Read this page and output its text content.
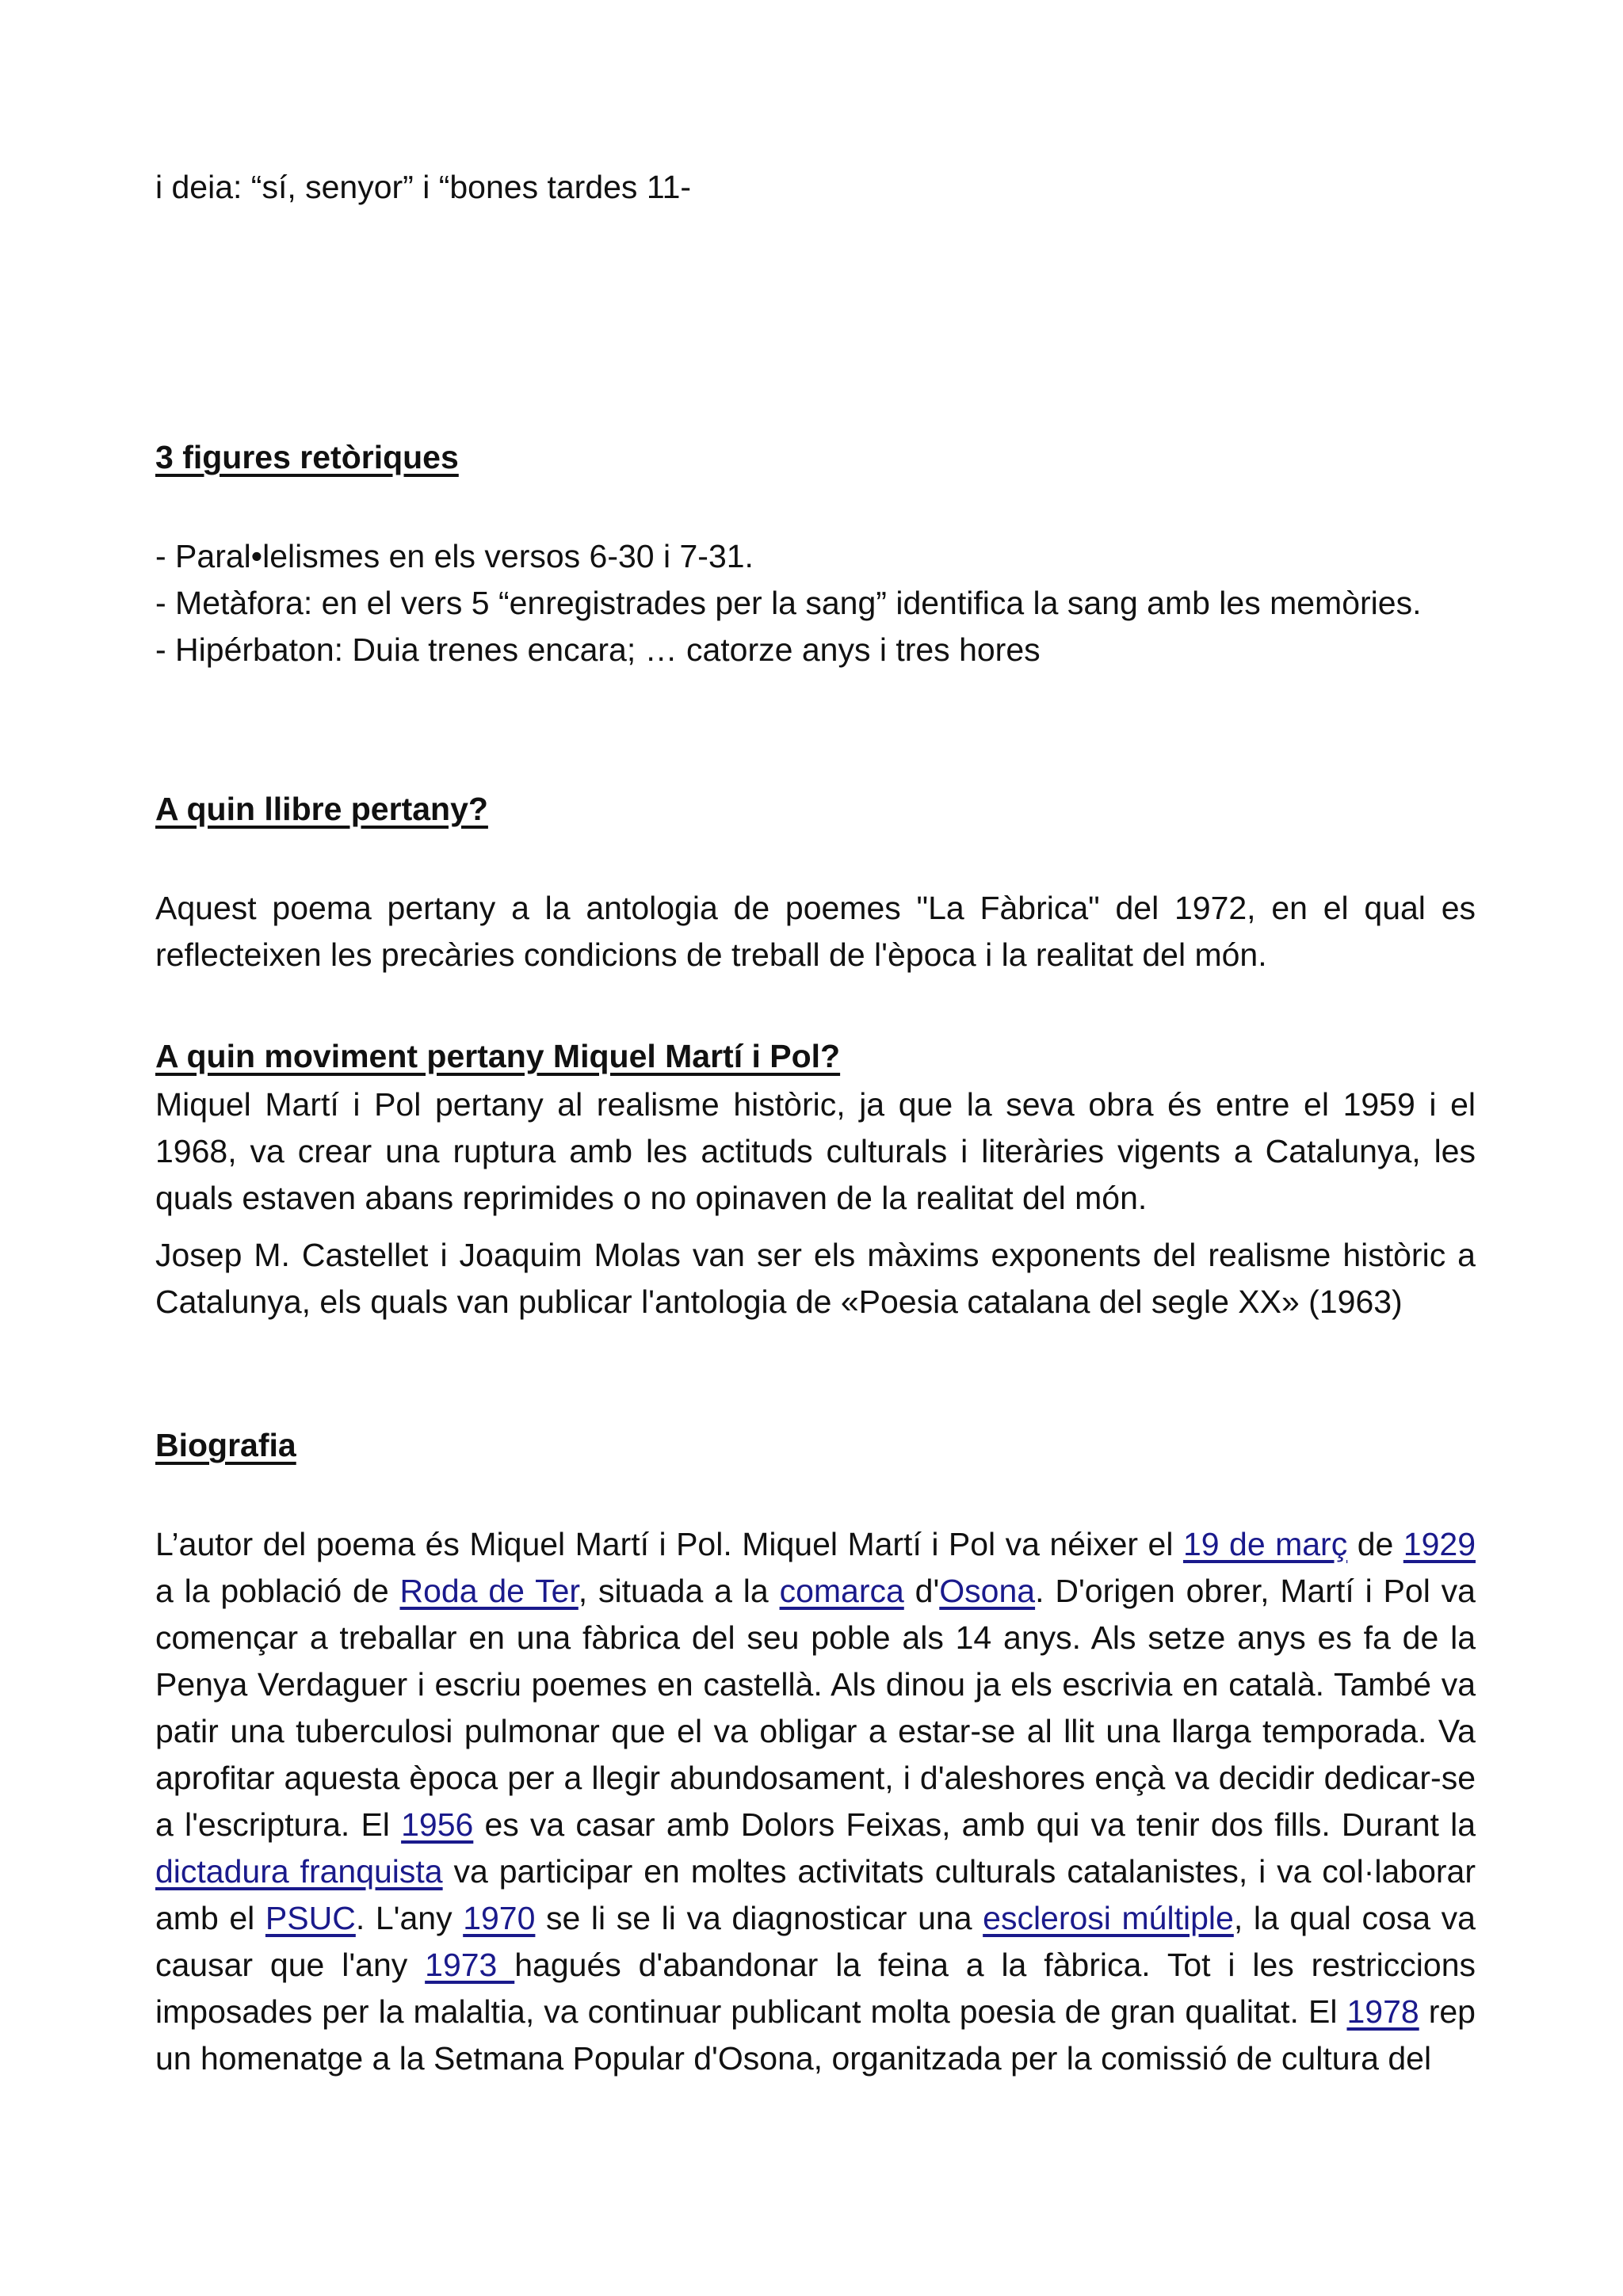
i deia: “sí, senyor” i “bones tardes 11-
3 figures retòriques

- Paral•lelismes en els versos 6-30 i 7-31.

- Metàfora: en el vers 5 “enregistrades per la sang” identifica la sang amb les memòries.

- Hipérbaton: Duia trenes encara; … catorze anys i tres hores

A quin llibre pertany?
Aquest poema pertany a la antologia de poemes "La Fàbrica" del 1972, en el qual es reflecteixen les precàries condicions de treball de l'època i la realitat del món.
A quin moviment pertany Miquel Martí i Pol?
Miquel Martí i Pol pertany al realisme històric, ja que la seva obra és entre el 1959 i el 1968, va crear una ruptura amb les actituds culturals i literàries vigents a Catalunya, les quals estaven abans reprimides o no opinaven de la realitat del món.
Josep M. Castellet i Joaquim Molas van ser els màxims exponents del realisme històric a Catalunya, els quals van publicar l'antologia de «Poesia catalana del segle XX» (1963)
Biografia
L’autor del poema és Miquel Martí i Pol. Miquel Martí i Pol va néixer el 19 de març de 1929 a la població de Roda de Ter, situada a la comarca d'Osona. D'origen obrer, Martí i Pol va començar a treballar en una fàbrica del seu poble als 14 anys. Als setze anys es fa de la Penya Verdaguer i escriu poemes en castellà. Als dinou ja els escrivia en català. També va patir una tuberculosi pulmonar que el va obligar a estar-se al llit una llarga temporada. Va aprofitar aquesta època per a llegir abundosament, i d'aleshores ençà va decidir dedicar-se a l'escriptura. El 1956 es va casar amb Dolors Feixas, amb qui va tenir dos fills. Durant la dictadura franquista va participar en moltes activitats culturals catalanistes, i va col·laborar amb el PSUC. L'any 1970 se li se li va diagnosticar una esclerosi múltiple, la qual cosa va causar que l'any 1973 hagués d'abandonar la feina a la fàbrica. Tot i les restriccions imposades per la malaltia, va continuar publicant molta poesia de gran qualitat. El 1978 rep un homenatge a la Setmana Popular d'Osona, organitzada per la comissió de cultura del
